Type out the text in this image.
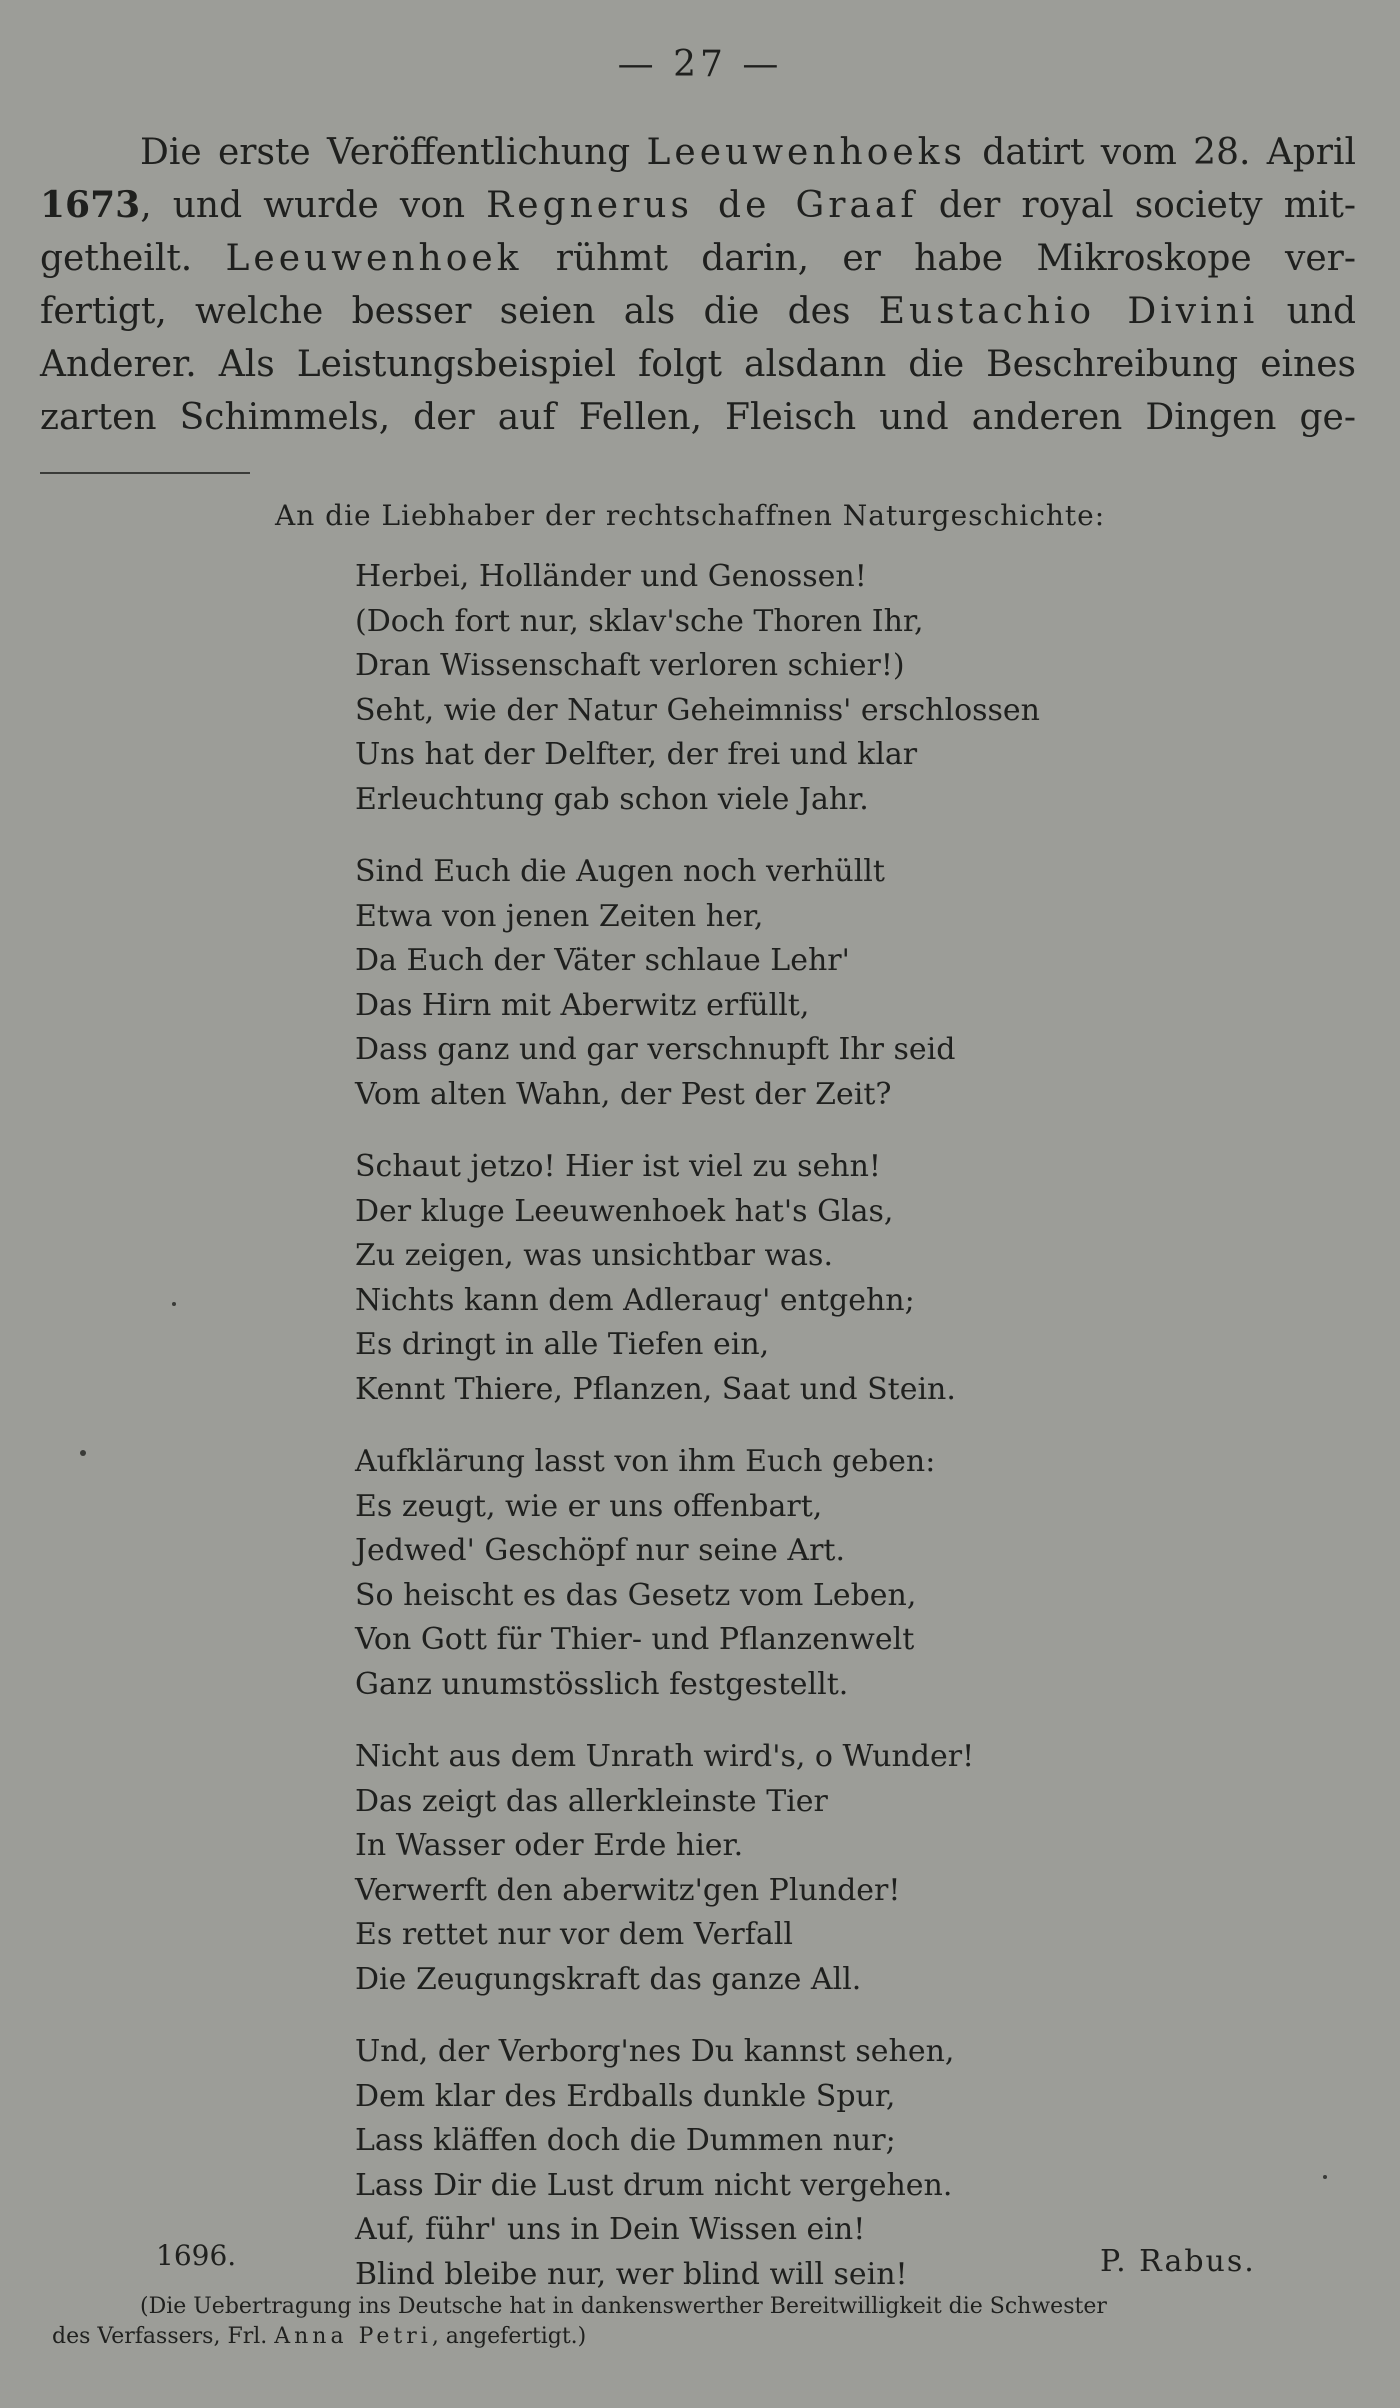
— 27 —
Die erste Veröffentlichung Leeuwenhoeks datirt vom 28. April
1673, und wurde von Regnerus de Graaf der royal society mit-
getheilt. Leeuwenhoek rühmt darin, er habe Mikroskope ver-
fertigt, welche besser seien als die des Eustachio Divini und
Anderer. Als Leistungsbeispiel folgt alsdann die Beschreibung eines
zarten Schimmels, der auf Fellen, Fleisch und anderen Dingen ge-
An die Liebhaber der rechtschaffnen Naturgeschichte:
Herbei, Holländer und Genossen!
(Doch fort nur, sklav'sche Thoren Ihr,
Dran Wissenschaft verloren schier!)
Seht, wie der Natur Geheimniss' erschlossen
Uns hat der Delfter, der frei und klar
Erleuchtung gab schon viele Jahr.
Sind Euch die Augen noch verhüllt
Etwa von jenen Zeiten her,
Da Euch der Väter schlaue Lehr'
Das Hirn mit Aberwitz erfüllt,
Dass ganz und gar verschnupft Ihr seid
Vom alten Wahn, der Pest der Zeit?
Schaut jetzo! Hier ist viel zu sehn!
Der kluge Leeuwenhoek hat's Glas,
Zu zeigen, was unsichtbar was.
Nichts kann dem Adleraug' entgehn;
Es dringt in alle Tiefen ein,
Kennt Thiere, Pflanzen, Saat und Stein.
Aufklärung lasst von ihm Euch geben:
Es zeugt, wie er uns offenbart,
Jedwed' Geschöpf nur seine Art.
So heischt es das Gesetz vom Leben,
Von Gott für Thier- und Pflanzenwelt
Ganz unumstösslich festgestellt.
Nicht aus dem Unrath wird's, o Wunder!
Das zeigt das allerkleinste Tier
In Wasser oder Erde hier.
Verwerft den aberwitz'gen Plunder!
Es rettet nur vor dem Verfall
Die Zeugungskraft das ganze All.
Und, der Verborg'nes Du kannst sehen,
Dem klar des Erdballs dunkle Spur,
Lass kläffen doch die Dummen nur;
Lass Dir die Lust drum nicht vergehen.
Auf, führ' uns in Dein Wissen ein!
Blind bleibe nur, wer blind will sein!
1696.	P. Rabus.
(Die Uebertragung ins Deutsche hat in dankenswerther Bereitwilligkeit die Schwester
des Verfassers, Frl. Anna Petri, angefertigt.)
